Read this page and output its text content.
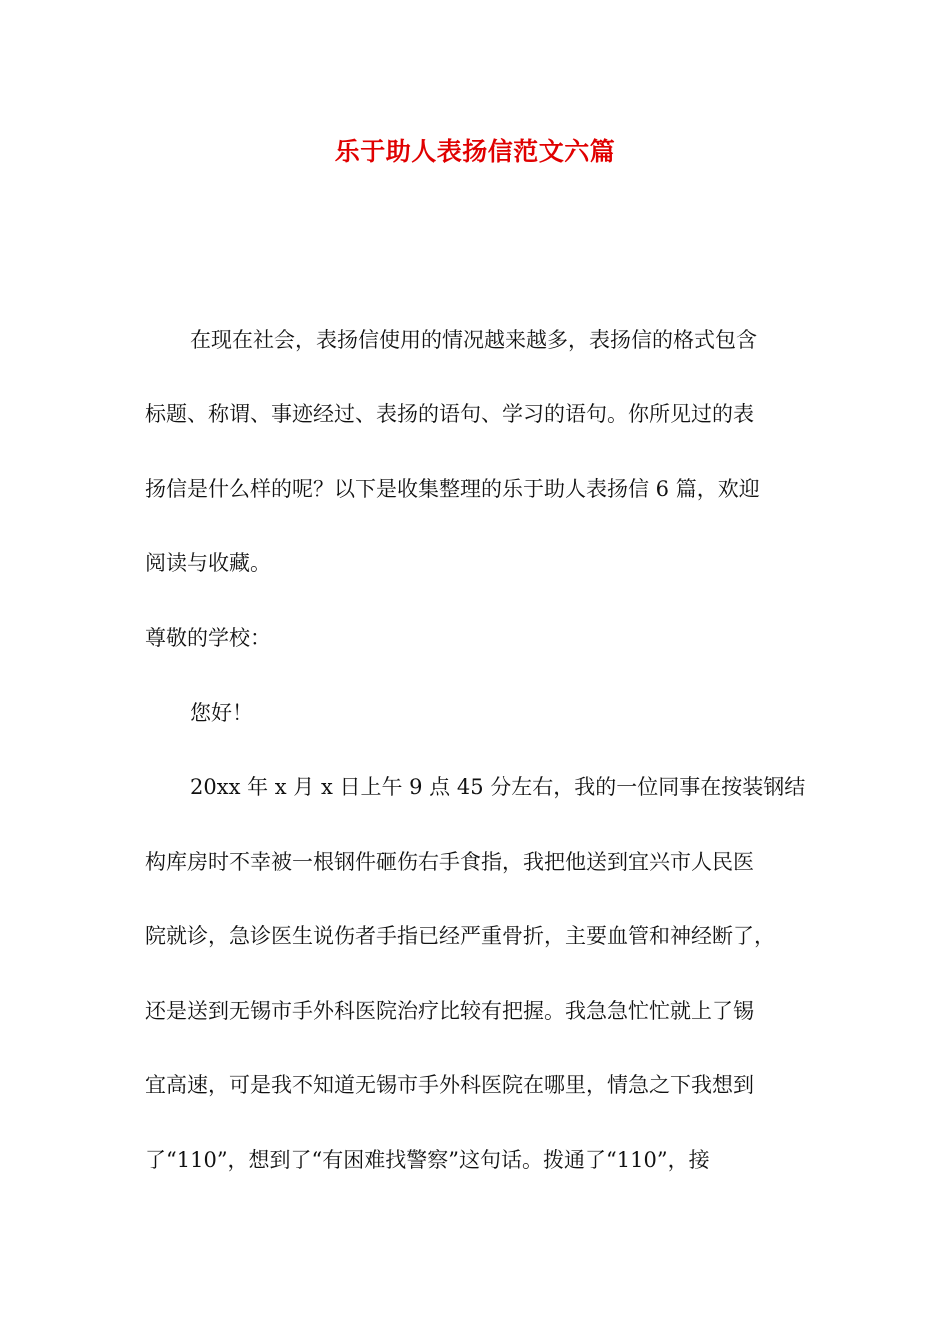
乐于助人表扬信范文六篇
在现在社会，表扬信使用的情况越来越多，表扬信的格式包含
标题、称谓、事迹经过、表扬的语句、学习的语句。你所见过的表
扬信是什么样的呢？以下是收集整理的乐于助人表扬信 6 篇，欢迎
阅读与收藏。
尊敬的学校：
您好！
20xx 年 x 月 x 日上午 9 点 45 分左右，我的一位同事在按装钢结
构库房时不幸被一根钢件砸伤右手食指，我把他送到宜兴市人民医
院就诊，急诊医生说伤者手指已经严重骨折，主要血管和神经断了，
还是送到无锡市手外科医院治疗比较有把握。我急急忙忙就上了锡
宜高速，可是我不知道无锡市手外科医院在哪里，情急之下我想到
了“110”，想到了“有困难找警察”这句话。拨通了“110”，接
